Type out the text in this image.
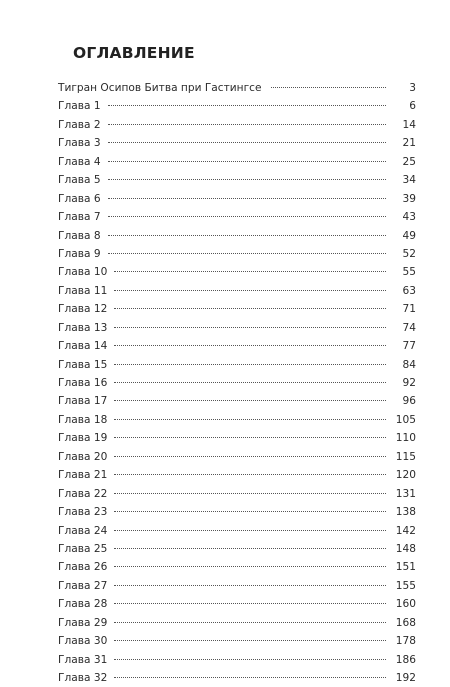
ОГЛАВЛЕНИЕ
Тигран Осипов Битва при Гастингсе	3
Глава 1	6
Глава 2	14
Глава 3	21
Глава 4	25
Глава 5	34
Глава 6	39
Глава 7	43
Глава 8	49
Глава 9	52
Глава 10	55
Глава 11	63
Глава 12	71
Глава 13	74
Глава 14	77
Глава 15	84
Глава 16	92
Глава 17	96
Глава 18	105
Глава 19	110
Глава 20	115
Глава 21	120
Глава 22	131
Глава 23	138
Глава 24	142
Глава 25	148
Глава 26	151
Глава 27	155
Глава 28	160
Глава 29	168
Глава 30	178
Глава 31	186
Глава 32	192
